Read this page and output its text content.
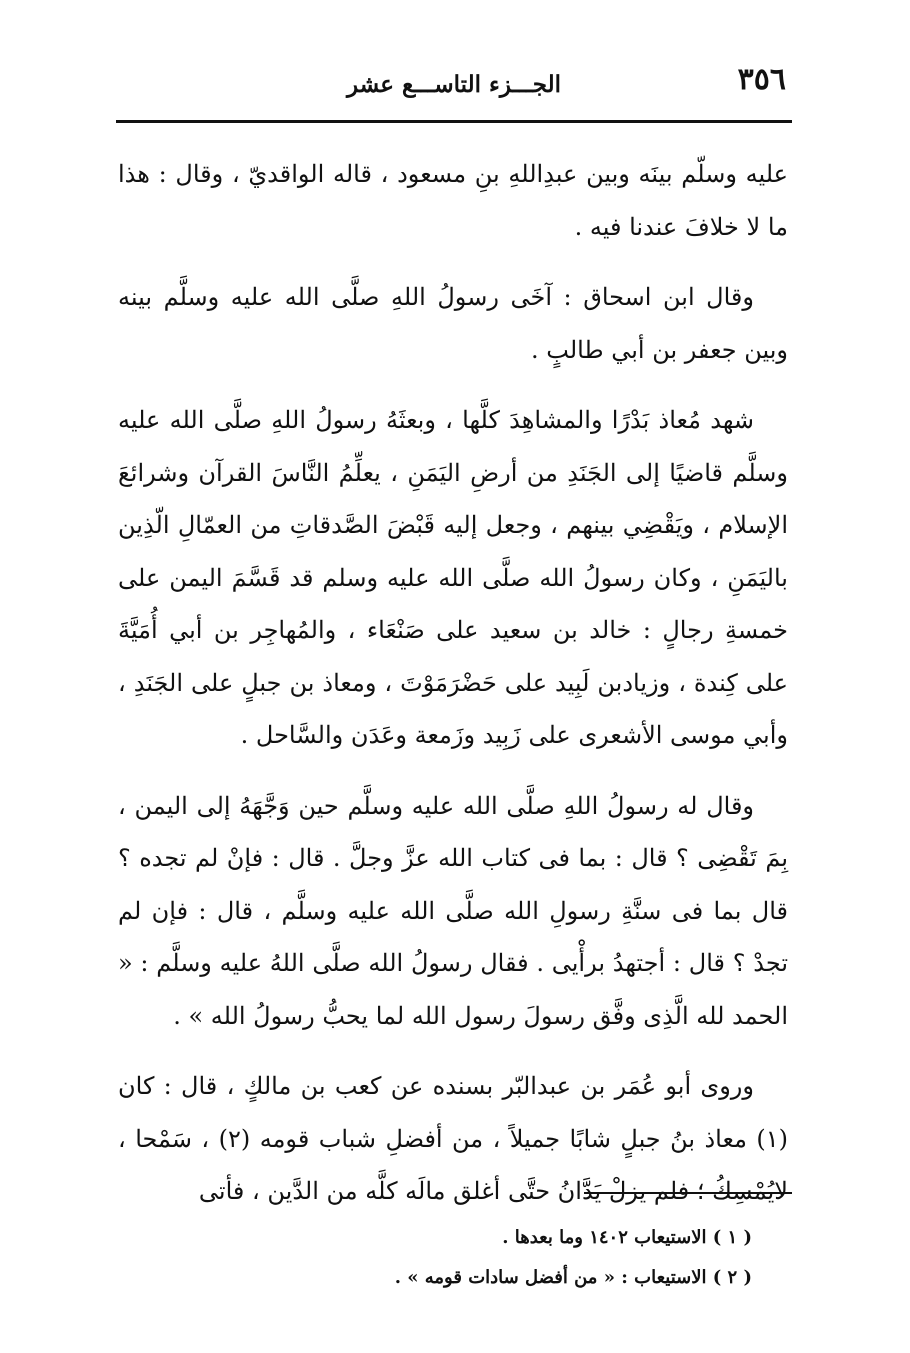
٣٥٦
الجـــزء التاســـع عشر

عليه وسلّم بينَه وبين عبدِاللهِ بنِ مسعود ، قاله الواقديّ ، وقال : هذا ما لا خلافَ عندنا فيه .

وقال ابن اسحاق : آخَى رسولُ اللهِ صلَّى الله عليه وسلَّم بينه وبين جعفر بن أبي طالبٍ .

شهد مُعاذ بَدْرًا والمشاهِدَ كلَّها ، وبعثَهُ رسولُ اللهِ صلَّى الله عليه وسلَّم قاضيًا إلى الجَنَدِ من أرضِ اليَمَنِ ، يعلِّمُ النَّاسَ القرآن وشرائعَ الإسلام ، ويَقْضِي بينهم ، وجعل إليه قَبْضَ الصَّدقاتِ من العمّالِ الّذِين باليَمَنِ ، وكان رسولُ الله صلَّى الله عليه وسلم قد قَسَّمَ اليمن على خمسةِ رجالٍ : خالد بن سعيد على صَنْعَاء ، والمُهاجِر بن أبي أُمَيَّةَ على كِندة ، وزيادبن لَبِيد على حَضْرَمَوْتَ ، ومعاذ بن جبلٍ على الجَنَدِ ، وأبي موسى الأشعرى على زَبِيد وزَمعة وعَدَن والسَّاحل .

وقال له رسولُ اللهِ صلَّى الله عليه وسلَّم حين وَجَّهَهُ إلى اليمن ، بِمَ تَقْضِى ؟ قال : بما فى كتاب الله عزَّ وجلَّ . قال : فإنْ لم تجده ؟ قال بما فى سنَّةِ رسولِ الله صلَّى الله عليه وسلَّم ، قال : فإن لم تجدْ ؟ قال : أجتهدُ برأْيى . فقال رسولُ الله صلَّى اللهُ عليه وسلَّم : « الحمد لله الَّذِى وفَّق رسولَ رسول الله لما يحبُّ رسولُ الله » .

وروى أبو عُمَر بن عبدالبّر بسنده عن كعب بن مالكٍ ، قال : كان (١) معاذ بنُ جبلٍ شابًا جميلاً ، من أفضلِ شباب قومه (٢) ، سَمْحا ، لايُمْسِكُ ؛ فلم يزلْ يَدَّانُ حتَّى أغلق مالَه كلَّه من الدَّين ، فأتى

( ١ ) الاستيعاب ١٤٠٢ وما بعدها .

( ٢ ) الاستيعاب : « من أفضل سادات قومه » .
